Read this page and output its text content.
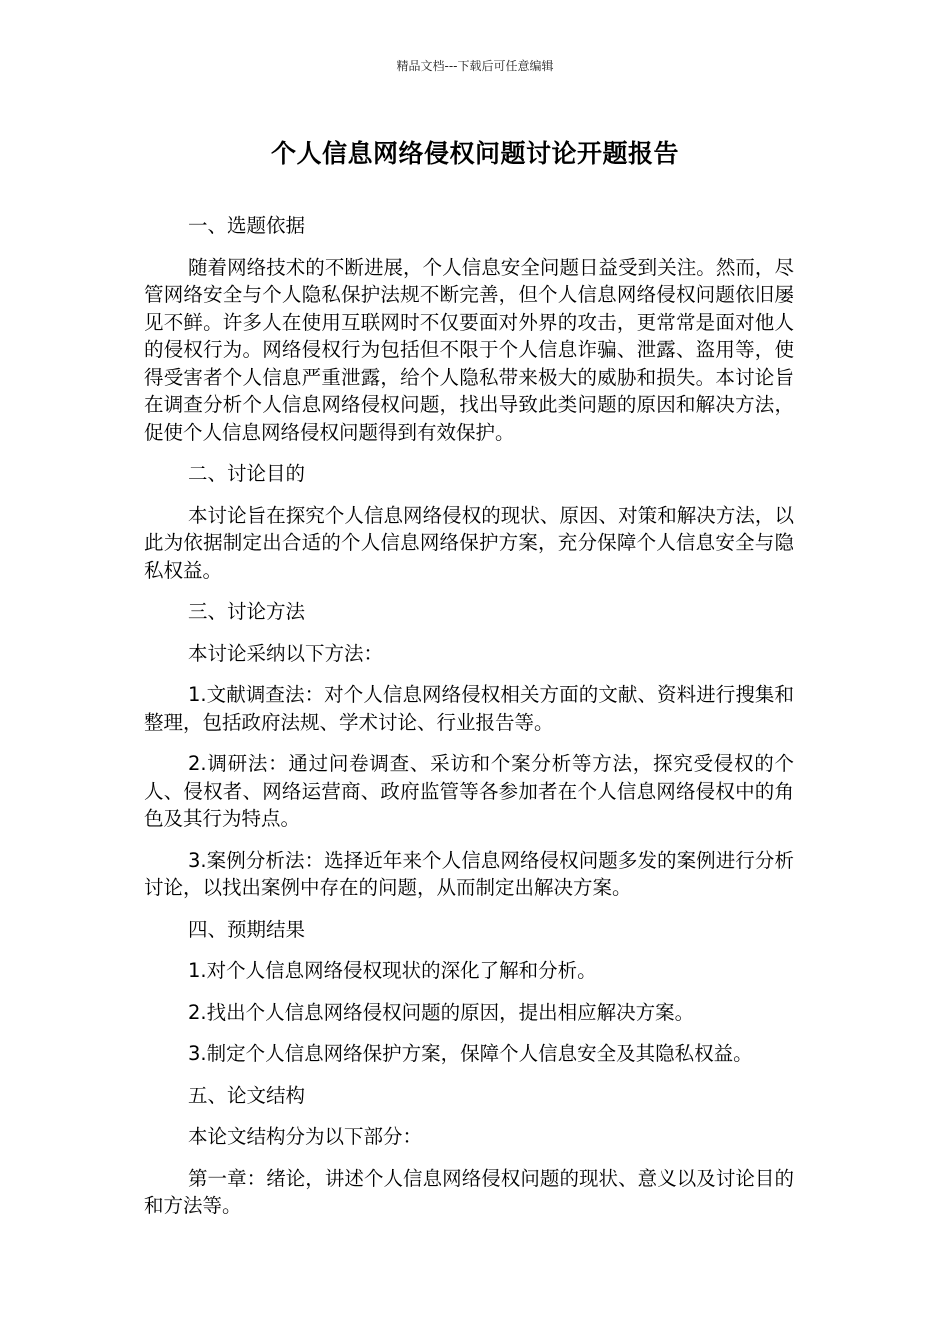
精品文档---下载后可任意编辑
个人信息网络侵权问题讨论开题报告

一、选题依据

随着网络技术的不断进展，个人信息安全问题日益受到关注。然而，尽管网络安全与个人隐私保护法规不断完善，但个人信息网络侵权问题依旧屡见不鲜。许多人在使用互联网时不仅要面对外界的攻击，更常常是面对他人的侵权行为。网络侵权行为包括但不限于个人信息诈骗、泄露、盗用等，使得受害者个人信息严重泄露，给个人隐私带来极大的威胁和损失。本讨论旨在调查分析个人信息网络侵权问题，找出导致此类问题的原因和解决方法，促使个人信息网络侵权问题得到有效保护。

二、讨论目的

本讨论旨在探究个人信息网络侵权的现状、原因、对策和解决方法，以此为依据制定出合适的个人信息网络保护方案，充分保障个人信息安全与隐私权益。

三、讨论方法

本讨论采纳以下方法：

1.文献调查法：对个人信息网络侵权相关方面的文献、资料进行搜集和整理，包括政府法规、学术讨论、行业报告等。

2.调研法：通过问卷调查、采访和个案分析等方法，探究受侵权的个人、侵权者、网络运营商、政府监管等各参加者在个人信息网络侵权中的角色及其行为特点。

3.案例分析法：选择近年来个人信息网络侵权问题多发的案例进行分析讨论，以找出案例中存在的问题，从而制定出解决方案。

四、预期结果

1.对个人信息网络侵权现状的深化了解和分析。

2.找出个人信息网络侵权问题的原因，提出相应解决方案。

3.制定个人信息网络保护方案，保障个人信息安全及其隐私权益。

五、论文结构

本论文结构分为以下部分：

第一章：绪论，讲述个人信息网络侵权问题的现状、意义以及讨论目的和方法等。
